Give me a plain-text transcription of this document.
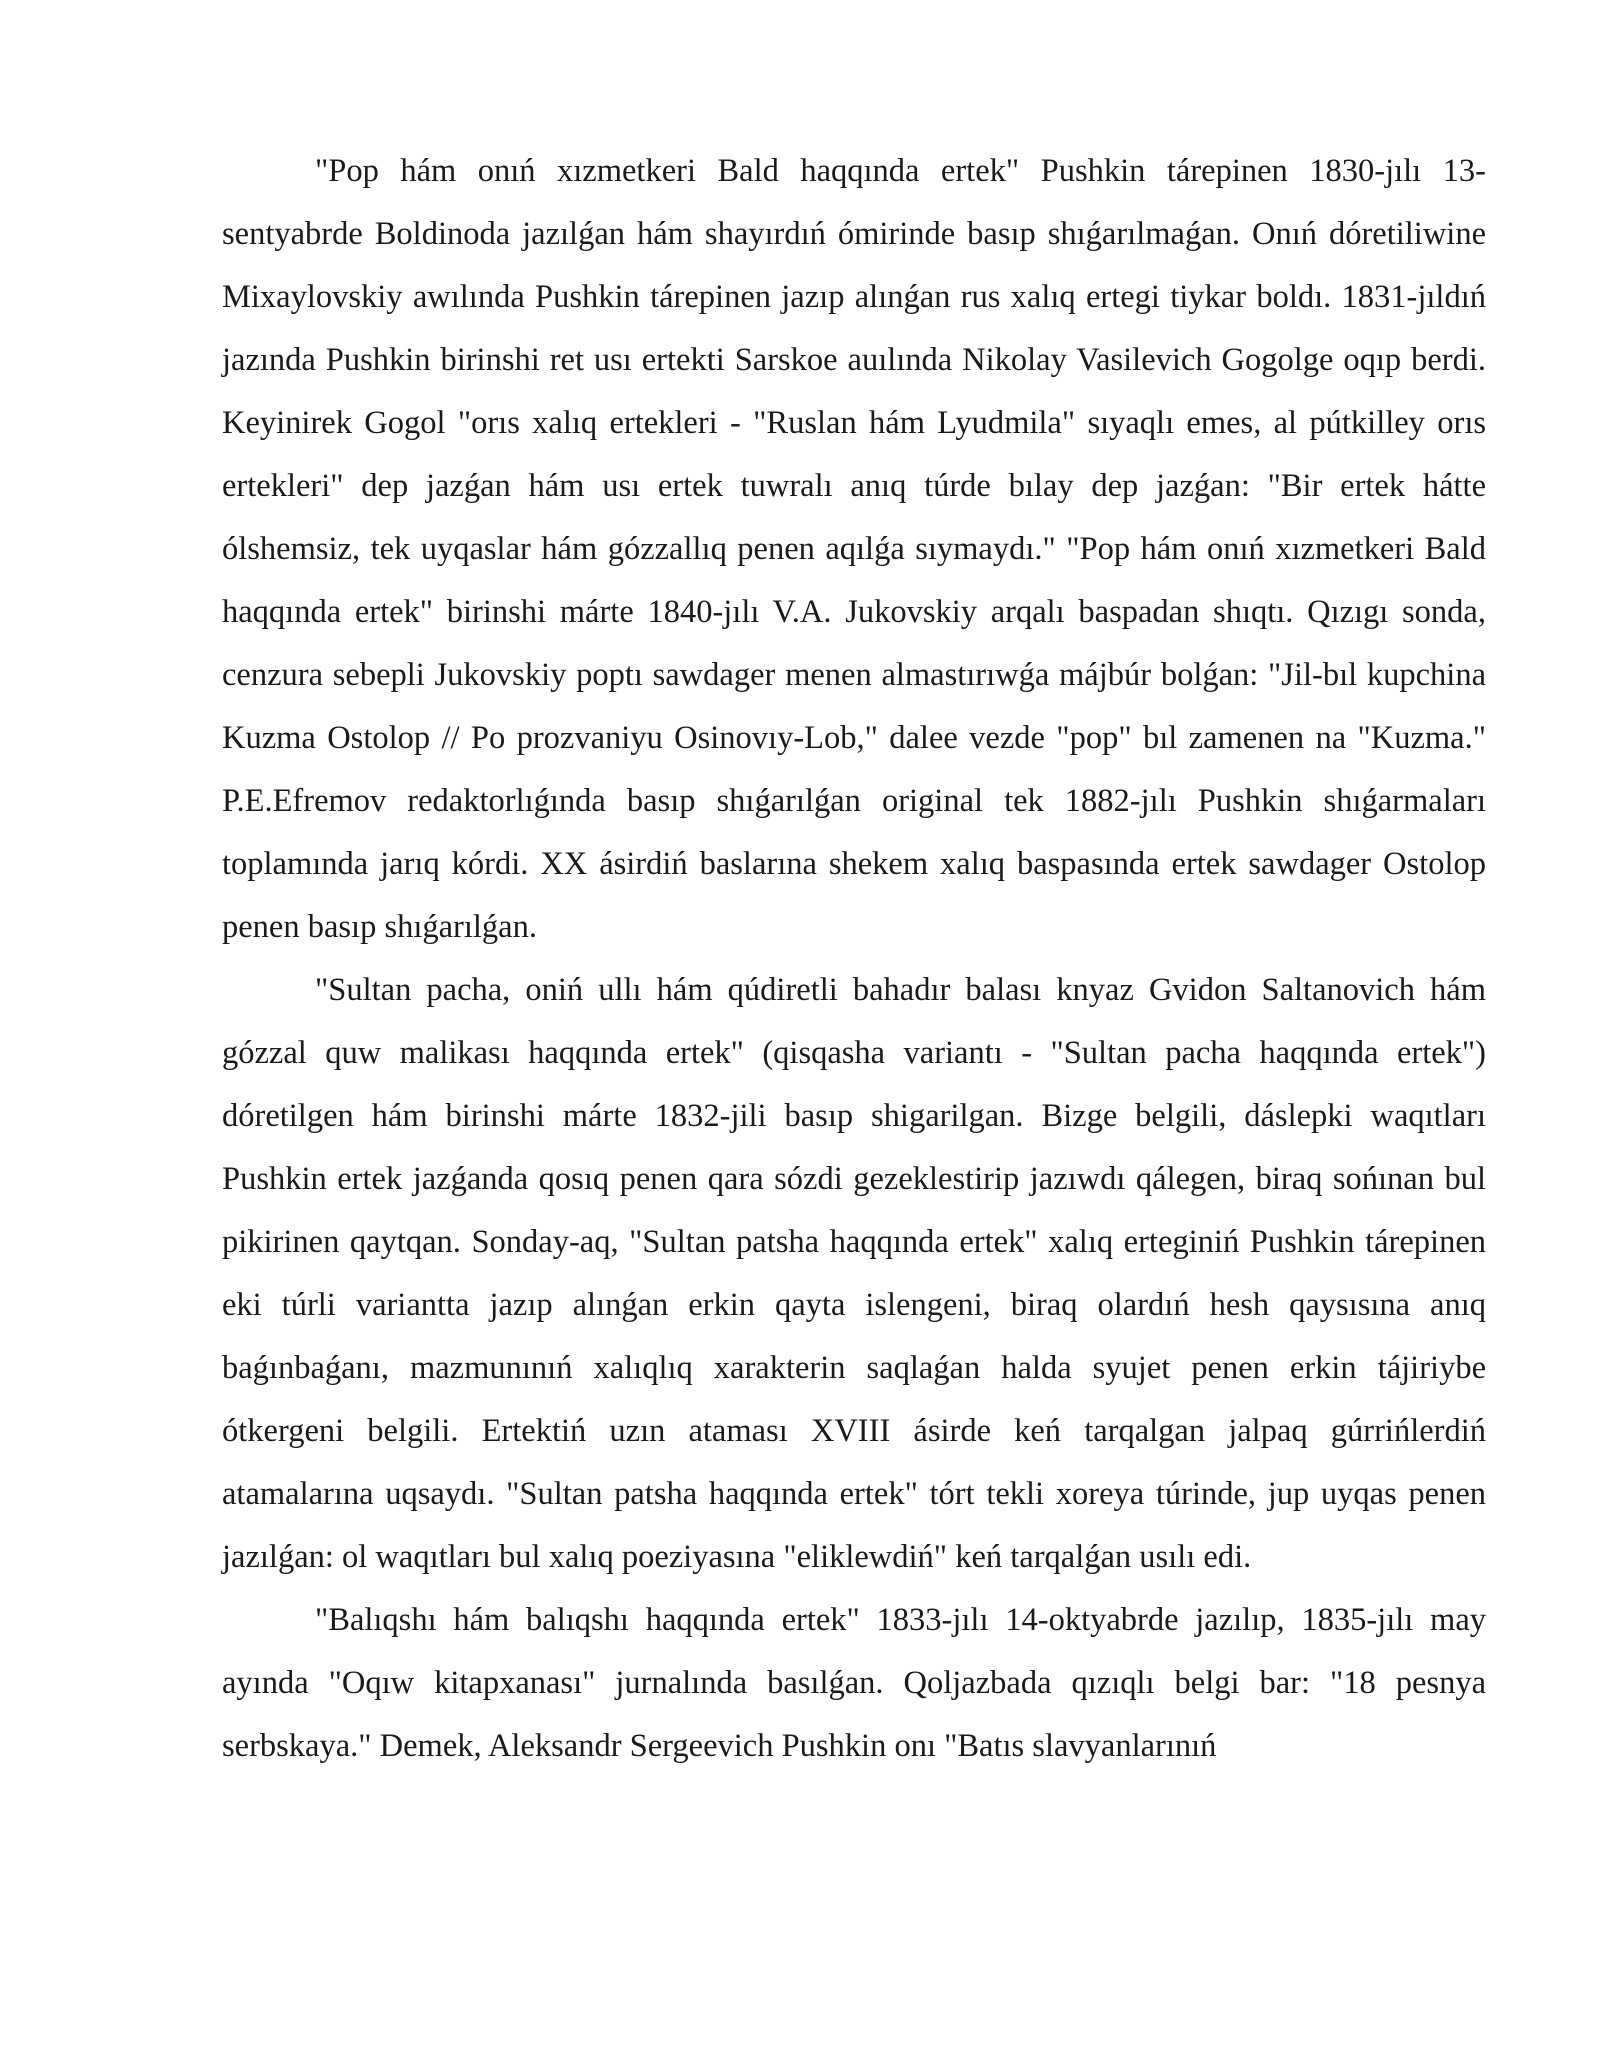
"Pop hám onıń xızmetkeri Bald haqqında ertek" Pushkin tárepinen 1830-jılı 13-sentyabrde Boldinoda jazılǵan hám shayırdıń ómirinde basıp shıǵarılmaǵan. Onıń dóretiliwine Mixaylovskiy awılında Pushkin tárepinen jazıp alınǵan rus xalıq ertegi tiykar boldı. 1831-jıldıń jazında Pushkin birinshi ret usı ertekti Sarskoe auılında Nikolay Vasilevich Gogolge oqıp berdi. Keyinirek Gogol "orıs xalıq ertekleri - "Ruslan hám Lyudmila" sıyaqlı emes, al pútkilley orıs ertekleri" dep jazǵan hám usı ertek tuwralı anıq túrde bılay dep jazǵan: "Bir ertek hátte ólshemsiz, tek uyqaslar hám gózzallıq penen aqılǵa sıymaydı." "Pop hám onıń xızmetkeri Bald haqqında ertek" birinshi márte 1840-jılı V.A. Jukovskiy arqalı baspadan shıqtı. Qızıgı sonda, cenzura sebepli Jukovskiy poptı sawdager menen almastırıwǵa májbúr bolǵan: "Jil-bıl kupchina Kuzma Ostolop // Po prozvaniyu Osinovıy-Lob," dalee vezde "pop" bıl zamenen na "Kuzma." P.E.Efremov redaktorlıǵında basıp shıǵarılǵan original tek 1882-jılı Pushkin shıǵarmaları toplamında jarıq kórdi. XX ásirdiń baslarına shekem xalıq baspasında ertek sawdager Ostolop penen basıp shıǵarılǵan.

"Sultan pacha, oniń ullı hám qúdiretli bahadır balası knyaz Gvidon Saltanovich hám gózzal quw malikası haqqında ertek" (qisqasha variantı - "Sultan pacha haqqında ertek") dóretilgen hám birinshi márte 1832-jili basıp shigarilgan. Bizge belgili, dáslepki waqıtları Pushkin ertek jazǵanda qosıq penen qara sózdi gezeklestirip jazıwdı qálegen, biraq sońınan bul pikirinen qaytqan. Sonday-aq, "Sultan patsha haqqında ertek" xalıq erteginiń Pushkin tárepinen eki túrli variantta jazıp alınǵan erkin qayta islengeni, biraq olardıń hesh qaysısına anıq baǵınbaǵanı, mazmunınıń xalıqlıq xarakterin saqlaǵan halda syujet penen erkin tájiriybe ótkergeni belgili. Ertektiń uzın ataması XVIII ásirde keń tarqalgan jalpaq gúrrińlerdiń atamalarına uqsaydı. "Sultan patsha haqqında ertek" tórt tekli xoreya túrinde, jup uyqas penen jazılǵan: ol waqıtları bul xalıq poeziyasına "eliklewdiń" keń tarqalǵan usılı edi.

"Balıqshı hám balıqshı haqqında ertek" 1833-jılı 14-oktyabrde jazılıp, 1835-jılı may ayında "Oqıw kitapxanası" jurnalında basılǵan. Qoljazbada qızıqlı belgi bar: "18 pesnya serbskaya." Demek, Aleksandr Sergeevich Pushkin onı "Batıs slavyanlarınıń
